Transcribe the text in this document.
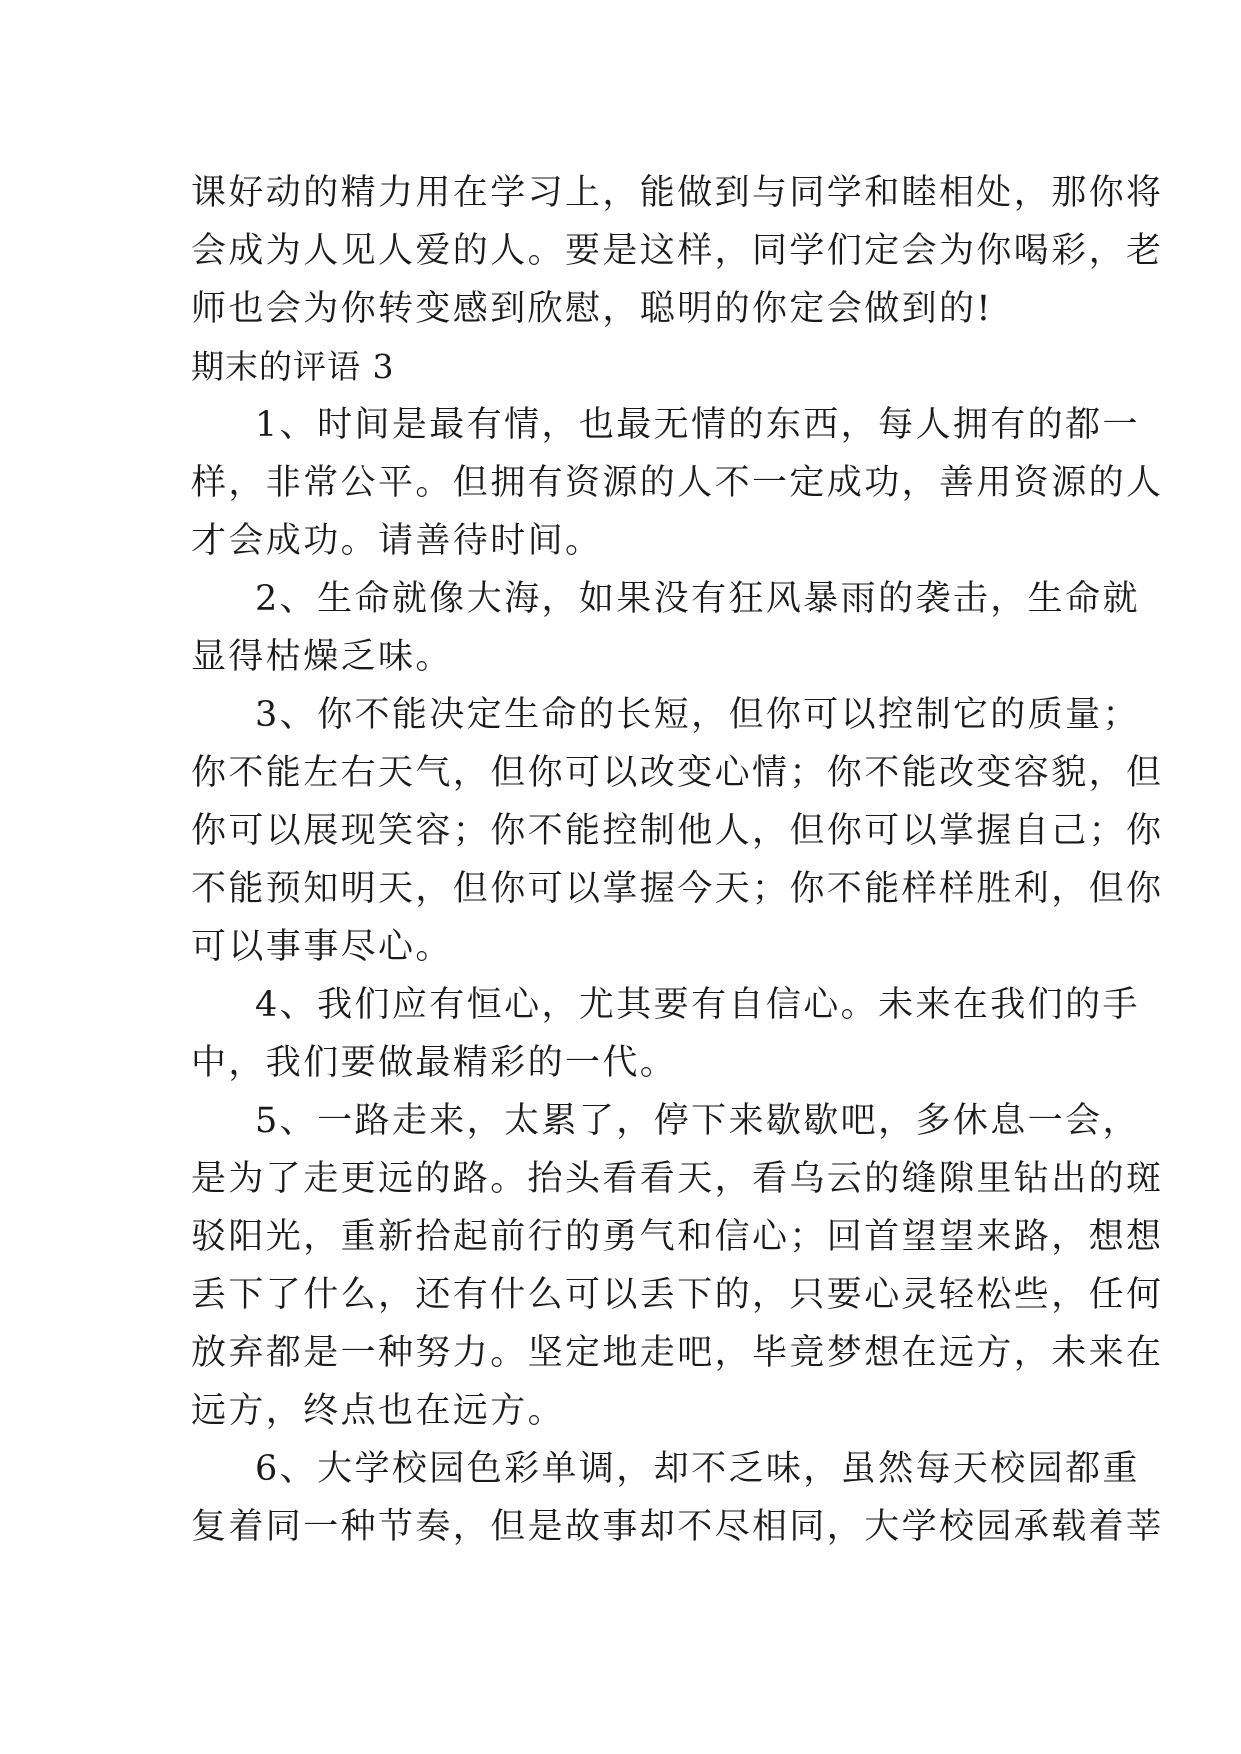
课好动的精力用在学习上，能做到与同学和睦相处，那你将
会成为人见人爱的人。要是这样，同学们定会为你喝彩，老
师也会为你转变感到欣慰，聪明的你定会做到的!
期末的评语 3
1、时间是最有情，也最无情的东西，每人拥有的都一
样，非常公平。但拥有资源的人不一定成功，善用资源的人
才会成功。请善待时间。
2、生命就像大海，如果没有狂风暴雨的袭击，生命就
显得枯燥乏味。
3、你不能决定生命的长短，但你可以控制它的质量；
你不能左右天气，但你可以改变心情；你不能改变容貌，但
你可以展现笑容；你不能控制他人，但你可以掌握自己；你
不能预知明天，但你可以掌握今天；你不能样样胜利，但你
可以事事尽心。
4、我们应有恒心，尤其要有自信心。未来在我们的手
中，我们要做最精彩的一代。
5、一路走来，太累了，停下来歇歇吧，多休息一会，
是为了走更远的路。抬头看看天，看乌云的缝隙里钻出的斑
驳阳光，重新拾起前行的勇气和信心；回首望望来路，想想
丢下了什么，还有什么可以丢下的，只要心灵轻松些，任何
放弃都是一种努力。坚定地走吧，毕竟梦想在远方，未来在
远方，终点也在远方。
6、大学校园色彩单调，却不乏味，虽然每天校园都重
复着同一种节奏，但是故事却不尽相同，大学校园承载着莘
